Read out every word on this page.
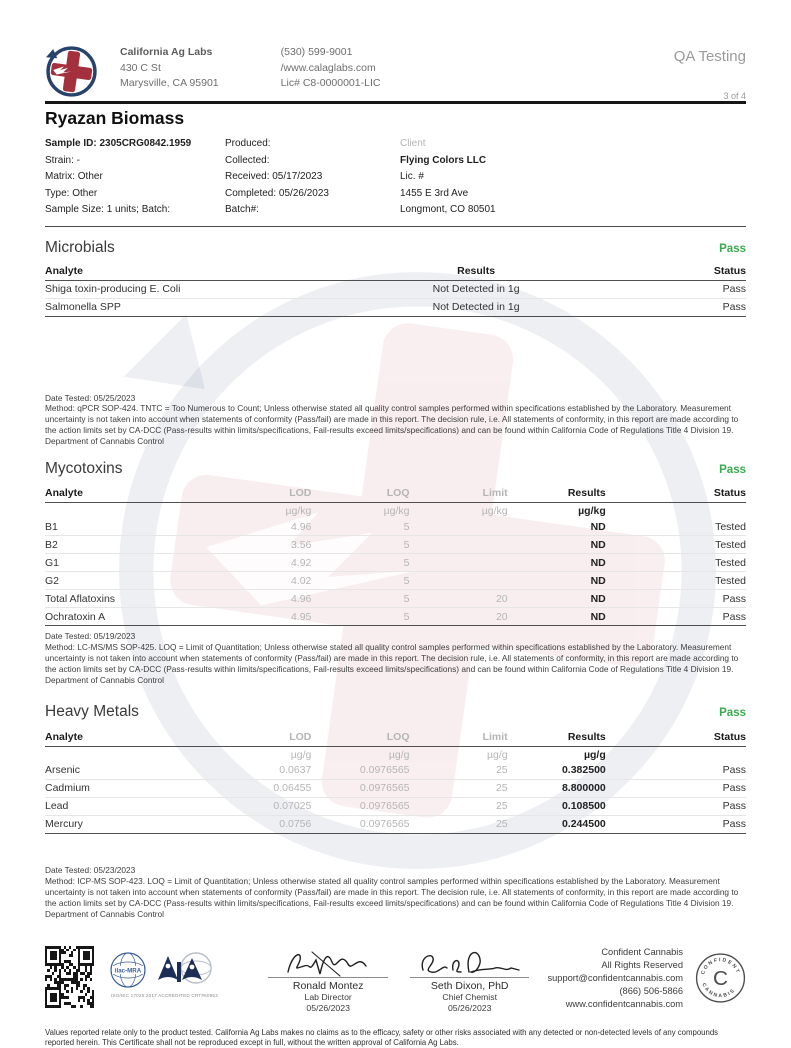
California Ag Labs
430 C St
Marysville, CA 95901
(530) 599-9001
/www.calaglabs.com
Lic# C8-0000001-LIC
QA Testing
3 of 4
Ryazan Biomass
Sample ID: 2305CRG0842.1959
Strain: -
Matrix: Other
Type: Other
Sample Size: 1 units; Batch:
Produced:
Collected:
Received: 05/17/2023
Completed: 05/26/2023
Batch#:
Client
Flying Colors LLC
Lic. #
1455 E 3rd Ave
Longmont, CO 80501
Microbials	Pass
Analyte	Results	Status
Shiga toxin-producing E. Coli	Not Detected in 1g	Pass
Salmonella SPP	Not Detected in 1g	Pass
Date Tested: 05/25/2023
Method: qPCR SOP-424. TNTC = Too Numerous to Count; Unless otherwise stated all quality control samples performed within specifications established by the Laboratory. Measurement uncertainty is not taken into account when statements of conformity (Pass/fail) are made in this report. The decision rule, i.e. All statements of conformity, in this report are made according to the action limits set by CA-DCC (Pass-results within limits/specifications, Fail-results exceed limits/specifications) and can be found within California Code of Regulations Title 4 Division 19. Department of Cannabis Control
Mycotoxins	Pass
Analyte	LOD	LOQ	Limit	Results	Status
	µg/kg	µg/kg	µg/kg	µg/kg	
B1	4.96	5		ND	Tested
B2	3.56	5		ND	Tested
G1	4.92	5		ND	Tested
G2	4.02	5		ND	Tested
Total Aflatoxins	4.96	5	20	ND	Pass
Ochratoxin A	4.95	5	20	ND	Pass
Date Tested: 05/19/2023
Method: LC-MS/MS SOP-425. LOQ = Limit of Quantitation; Unless otherwise stated all quality control samples performed within specifications established by the Laboratory. Measurement uncertainty is not taken into account when statements of conformity (Pass/fail) are made in this report. The decision rule, i.e. All statements of conformity, in this report are made according to the action limits set by CA-DCC (Pass-results within limits/specifications, Fail-results exceed limits/specifications) and can be found within California Code of Regulations Title 4 Division 19. Department of Cannabis Control
Heavy Metals	Pass
Analyte	LOD	LOQ	Limit	Results	Status
	µg/g	µg/g	µg/g	µg/g	
Arsenic	0.0637	0.0976565	25	0.382500	Pass
Cadmium	0.06455	0.0976565	25	8.800000	Pass
Lead	0.07025	0.0976565	25	0.108500	Pass
Mercury	0.0756	0.0976565	25	0.244500	Pass
Date Tested: 05/23/2023
Method: ICP-MS SOP-423. LOQ = Limit of Quantitation; Unless otherwise stated all quality control samples performed within specifications established by the Laboratory. Measurement uncertainty is not taken into account when statements of conformity (Pass/fail) are made in this report. The decision rule, i.e. All statements of conformity, in this report are made according to the action limits set by CA-DCC (Pass-results within limits/specifications, Fail-results exceed limits/specifications) and can be found within California Code of Regulations Title 4 Division 19. Department of Cannabis Control
ilac-MRA
ISO/IEC 17025:2017 ACCREDITED CRT#60953
Ronald Montez
Lab Director
05/26/2023
Seth Dixon, PhD
Chief Chemist
05/26/2023
Confident Cannabis
All Rights Reserved
support@confidentcannabis.com
(866) 506-5866
www.confidentcannabis.com
CONFIDENT
CANNABIS
C
Values reported relate only to the product tested. California Ag Labs makes no claims as to the efficacy, safety or other risks associated with any detected or non-detected levels of any compounds reported herein. This Certificate shall not be reproduced except in full, without the written approval of California Ag Labs.
